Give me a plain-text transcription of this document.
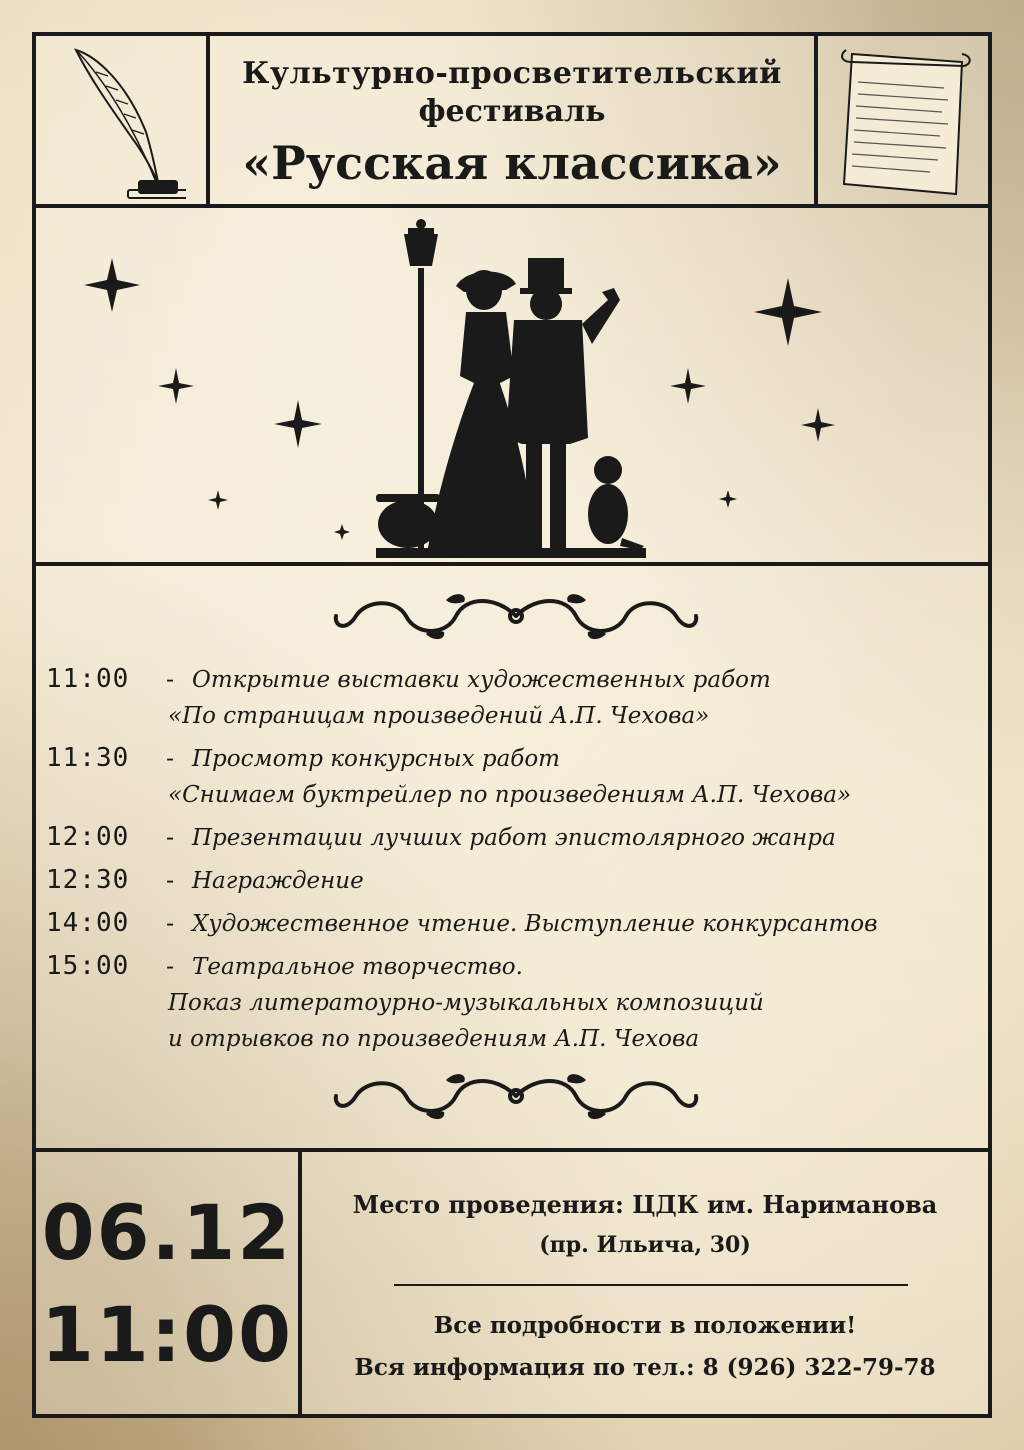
Культурно-просветительский
фестиваль
«Русская классика»
11:00 - Открытие выставки художественных работ
«По страницам произведений А.П. Чехова»
11:30 - Просмотр конкурсных работ
«Снимаем буктрейлер по произведениям А.П. Чехова»
12:00 - Презентации лучших работ эпистолярного жанра
12:30 - Награждение
14:00 - Художественное чтение. Выступление конкурсантов
15:00 - Театральное творчество.
Показ литератоурно-музыкальных композиций
и отрывков по произведениям А.П. Чехова
06.12
11:00
Место проведения: ЦДК им. Нариманова
(пр. Ильича, 30)
Все подробности в положении!
Вся информация по тел.: 8 (926) 322-79-78
